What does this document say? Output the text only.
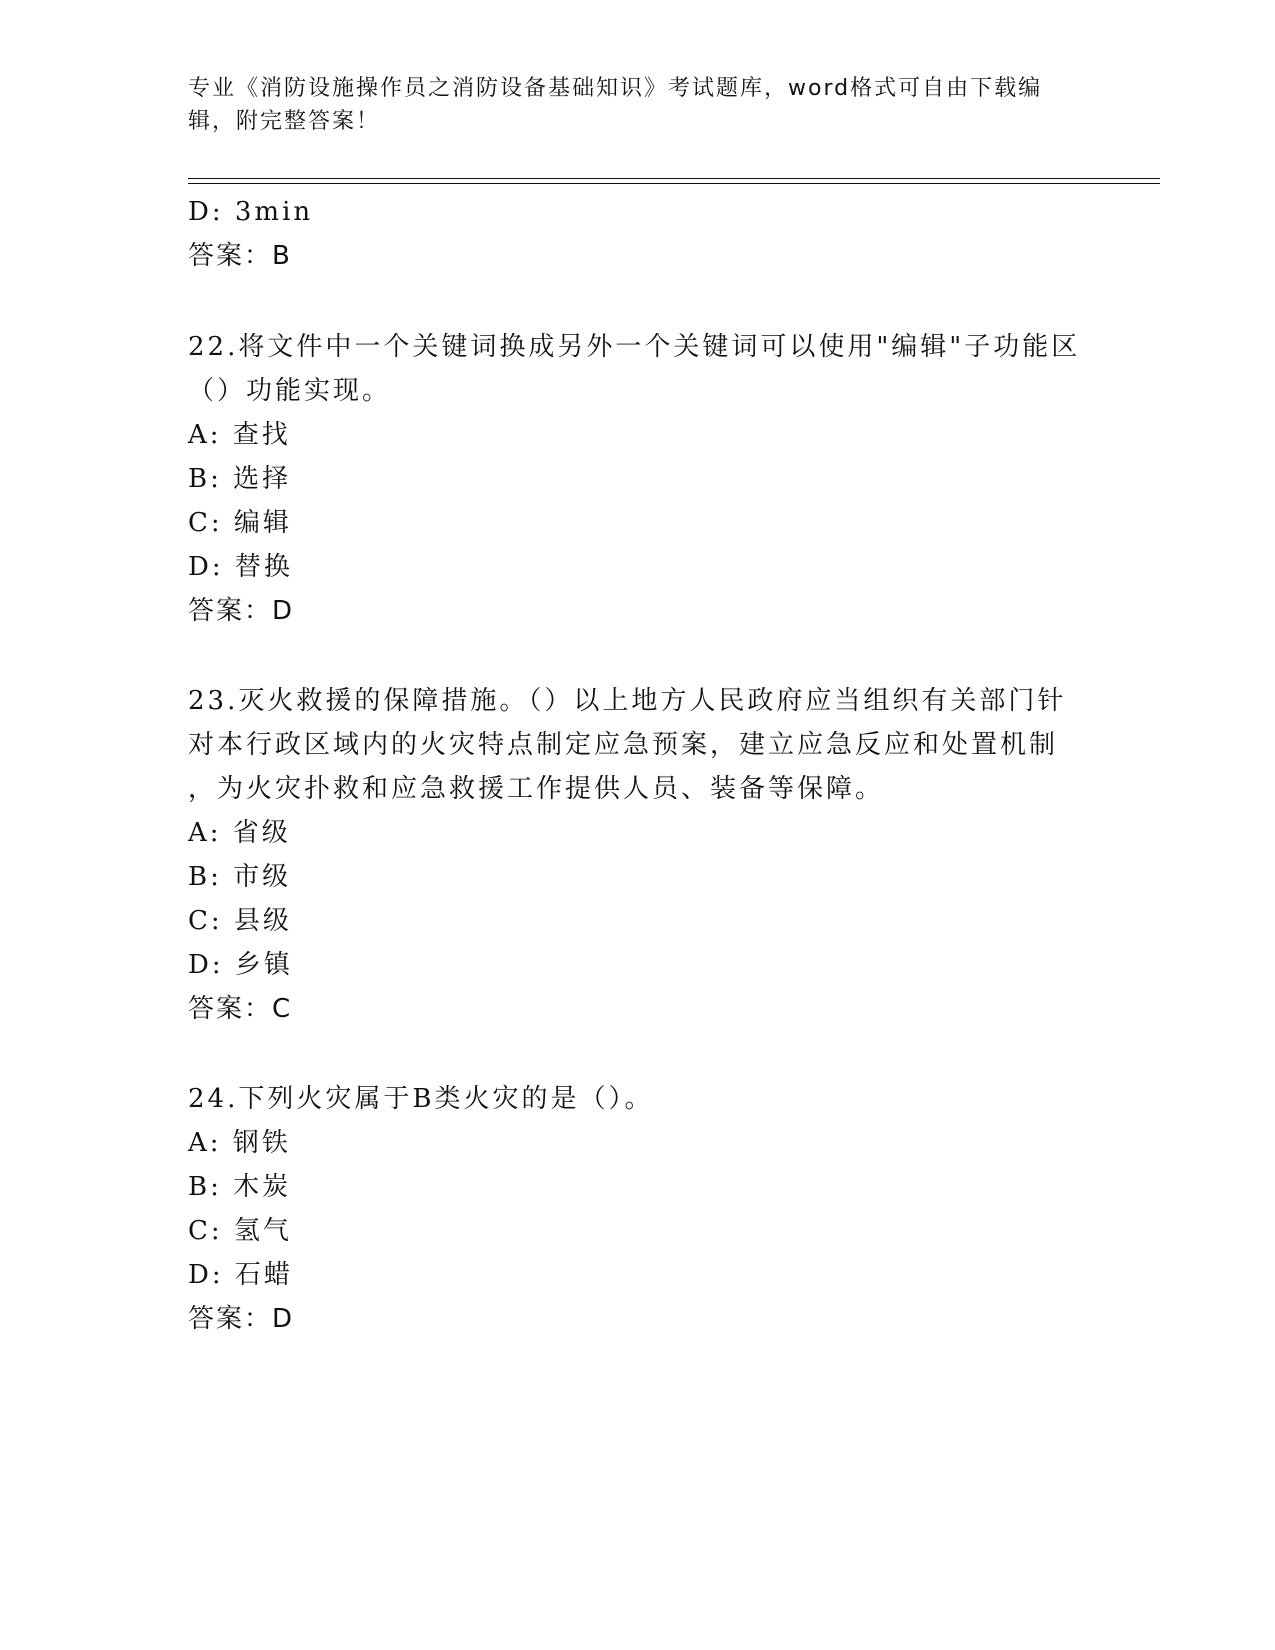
专业《消防设施操作员之消防设备基础知识》考试题库，word格式可自由下载编辑，附完整答案！
D: 3min
答案：B
22.将文件中一个关键词换成另外一个关键词可以使用"编辑"子功能区
（）功能实现。
A: 查找
B: 选择
C: 编辑
D: 替换
答案：D
23.灭火救援的保障措施。（）以上地方人民政府应当组织有关部门针
对本行政区域内的火灾特点制定应急预案，建立应急反应和处置机制
，为火灾扑救和应急救援工作提供人员、装备等保障。
A: 省级
B: 市级
C: 县级
D: 乡镇
答案：C
24.下列火灾属于B类火灾的是（）。
A: 钢铁
B: 木炭
C: 氢气
D: 石蜡
答案：D
